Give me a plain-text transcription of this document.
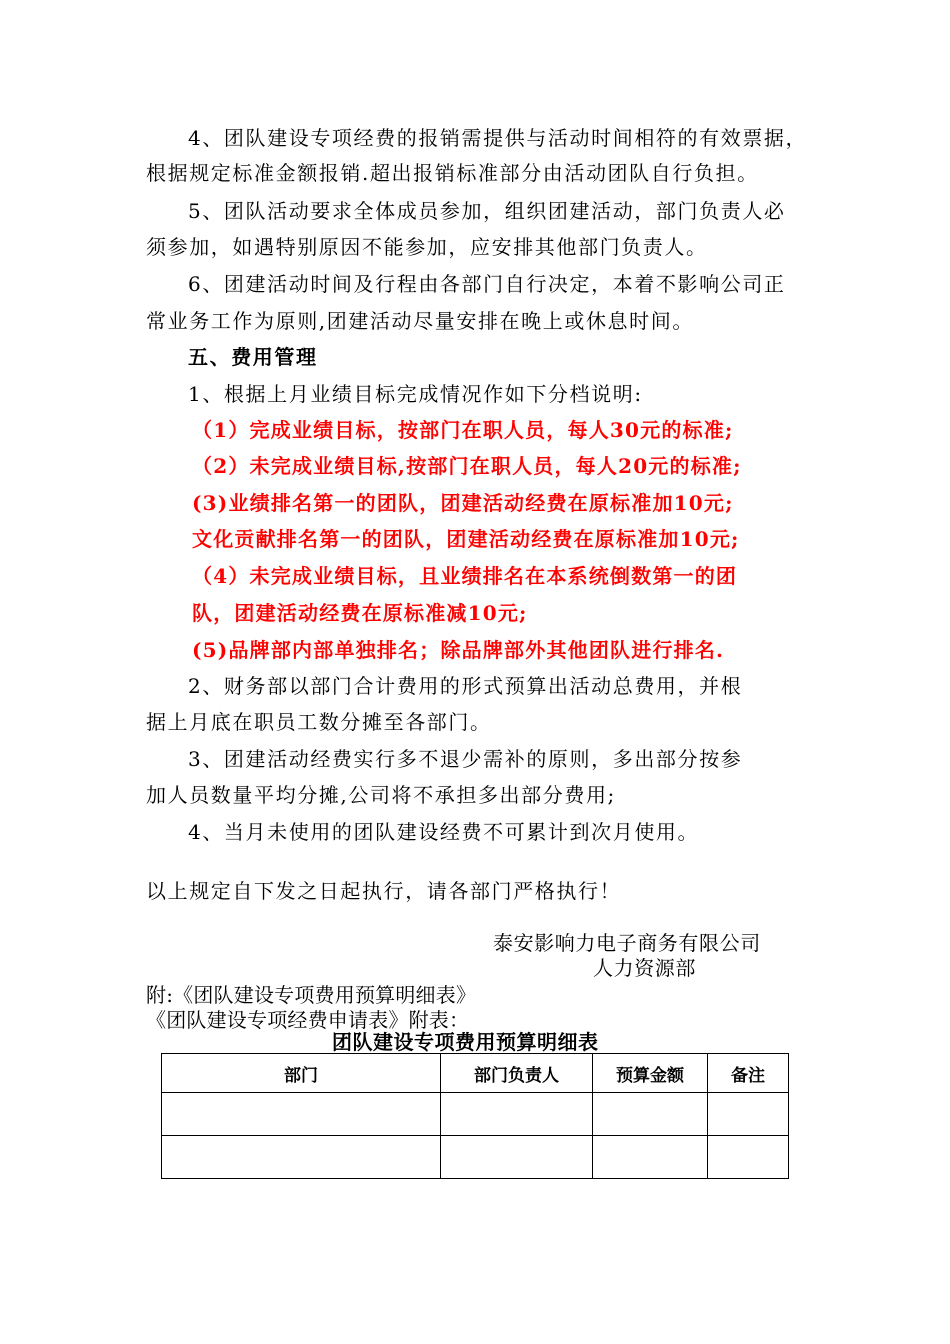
4、团队建设专项经费的报销需提供与活动时间相符的有效票据，
根据规定标准金额报销.超出报销标准部分由活动团队自行负担。
5、团队活动要求全体成员参加，组织团建活动，部门负责人必
须参加，如遇特别原因不能参加，应安排其他部门负责人。
6、团建活动时间及行程由各部门自行决定，本着不影响公司正
常业务工作为原则,团建活动尽量安排在晚上或休息时间。
五、费用管理
1、根据上月业绩目标完成情况作如下分档说明:
（1）完成业绩目标，按部门在职人员，每人30元的标准;
（2）未完成业绩目标,按部门在职人员，每人20元的标准;
(3)业绩排名第一的团队，团建活动经费在原标准加10元;
文化贡献排名第一的团队，团建活动经费在原标准加10元;
（4）未完成业绩目标，且业绩排名在本系统倒数第一的团
队，团建活动经费在原标准减10元;
(5)品牌部内部单独排名；除品牌部外其他团队进行排名.
2、财务部以部门合计费用的形式预算出活动总费用，并根
据上月底在职员工数分摊至各部门。
3、团建活动经费实行多不退少需补的原则，多出部分按参
加人员数量平均分摊,公司将不承担多出部分费用;
4、当月未使用的团队建设经费不可累计到次月使用。
以上规定自下发之日起执行，请各部门严格执行！
泰安影响力电子商务有限公司
人力资源部
附:《团队建设专项费用预算明细表》
《团队建设专项经费申请表》附表：
团队建设专项费用预算明细表
部门	部门负责人	预算金额	备注
